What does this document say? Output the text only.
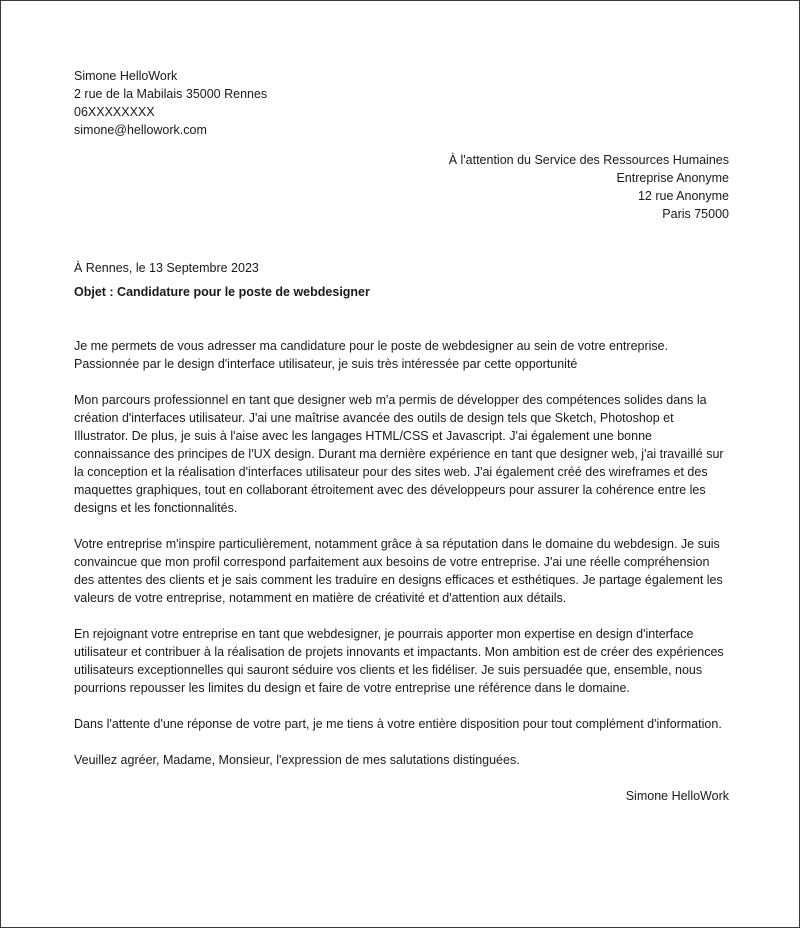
Simone HelloWork
2 rue de la Mabilais 35000 Rennes
06XXXXXXXX
simone@hellowork.com
À l'attention du Service des Ressources Humaines
Entreprise Anonyme
12 rue Anonyme
Paris 75000
À Rennes, le 13 Septembre 2023
Objet : Candidature pour le poste de webdesigner

Je me permets de vous adresser ma candidature pour le poste de webdesigner au sein de votre entreprise. Passionnée par le design d'interface utilisateur, je suis très intéressée par cette opportunité

Mon parcours professionnel en tant que designer web m'a permis de développer des compétences solides dans la création d'interfaces utilisateur. J'ai une maîtrise avancée des outils de design tels que Sketch, Photoshop et Illustrator. De plus, je suis à l'aise avec les langages HTML/CSS et Javascript. J'ai également une bonne connaissance des principes de l'UX design. Durant ma dernière expérience en tant que designer web, j'ai travaillé sur la conception et la réalisation d'interfaces utilisateur pour des sites web. J'ai également créé des wireframes et des maquettes graphiques, tout en collaborant étroitement avec des développeurs pour assurer la cohérence entre les designs et les fonctionnalités.

Votre entreprise m'inspire particulièrement, notamment grâce à sa réputation dans le domaine du webdesign. Je suis convaincue que mon profil correspond parfaitement aux besoins de votre entreprise. J'ai une réelle compréhension des attentes des clients et je sais comment les traduire en designs efficaces et esthétiques. Je partage également les valeurs de votre entreprise, notamment en matière de créativité et d'attention aux détails.

En rejoignant votre entreprise en tant que webdesigner, je pourrais apporter mon expertise en design d'interface utilisateur et contribuer à la réalisation de projets innovants et impactants. Mon ambition est de créer des expériences utilisateurs exceptionnelles qui sauront séduire vos clients et les fidéliser. Je suis persuadée que, ensemble, nous pourrions repousser les limites du design et faire de votre entreprise une référence dans le domaine.

Dans l'attente d'une réponse de votre part, je me tiens à votre entière disposition pour tout complément d'information.

Veuillez agréer, Madame, Monsieur, l'expression de mes salutations distinguées.

Simone HelloWork
